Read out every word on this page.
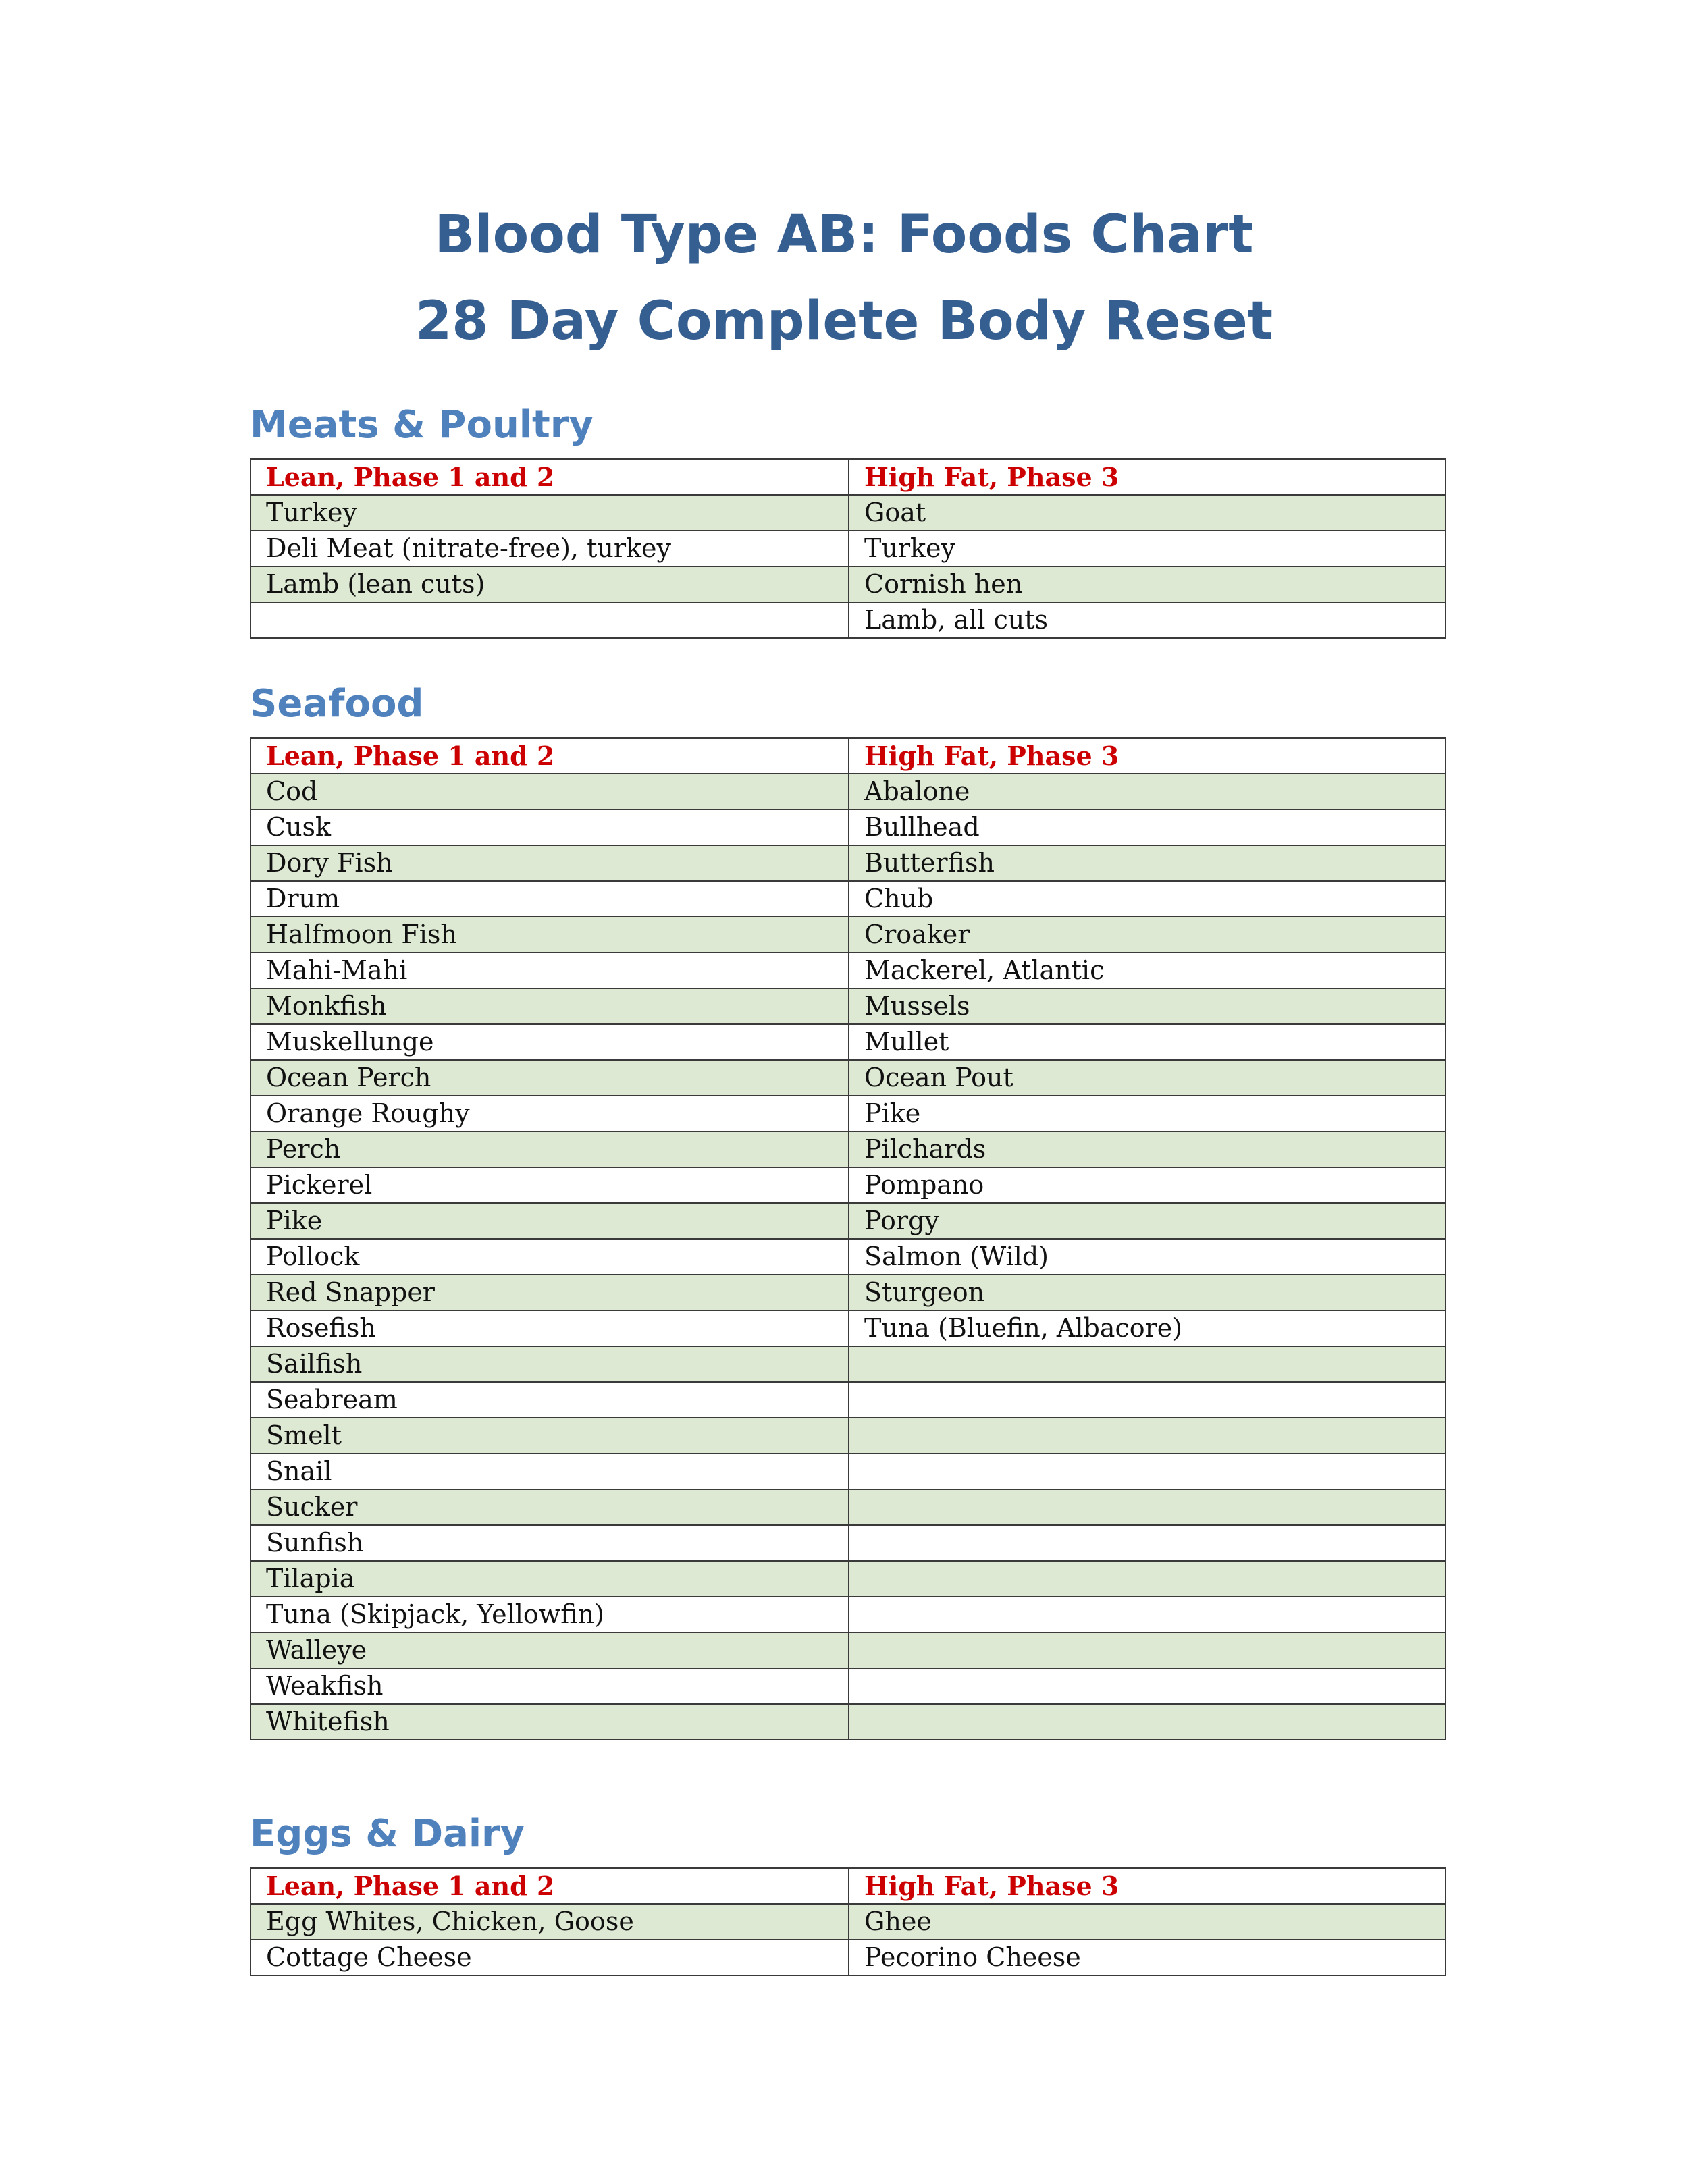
Blood Type AB: Foods Chart
28 Day Complete Body Reset
Meats & Poultry
Lean, Phase 1 and 2	High Fat, Phase 3
Turkey	Goat
Deli Meat (nitrate-free), turkey	Turkey
Lamb (lean cuts)	Cornish hen
	Lamb, all cuts
Seafood
Lean, Phase 1 and 2	High Fat, Phase 3
Cod	Abalone
Cusk	Bullhead
Dory Fish	Butterfish
Drum	Chub
Halfmoon Fish	Croaker
Mahi-Mahi	Mackerel, Atlantic
Monkfish	Mussels
Muskellunge	Mullet
Ocean Perch	Ocean Pout
Orange Roughy	Pike
Perch	Pilchards
Pickerel	Pompano
Pike	Porgy
Pollock	Salmon (Wild)
Red Snapper	Sturgeon
Rosefish	Tuna (Bluefin, Albacore)
Sailfish	
Seabream	
Smelt	
Snail	
Sucker	
Sunfish	
Tilapia	
Tuna (Skipjack, Yellowfin)	
Walleye	
Weakfish	
Whitefish	
Eggs & Dairy
Lean, Phase 1 and 2	High Fat, Phase 3
Egg Whites, Chicken, Goose	Ghee
Cottage Cheese	Pecorino Cheese
